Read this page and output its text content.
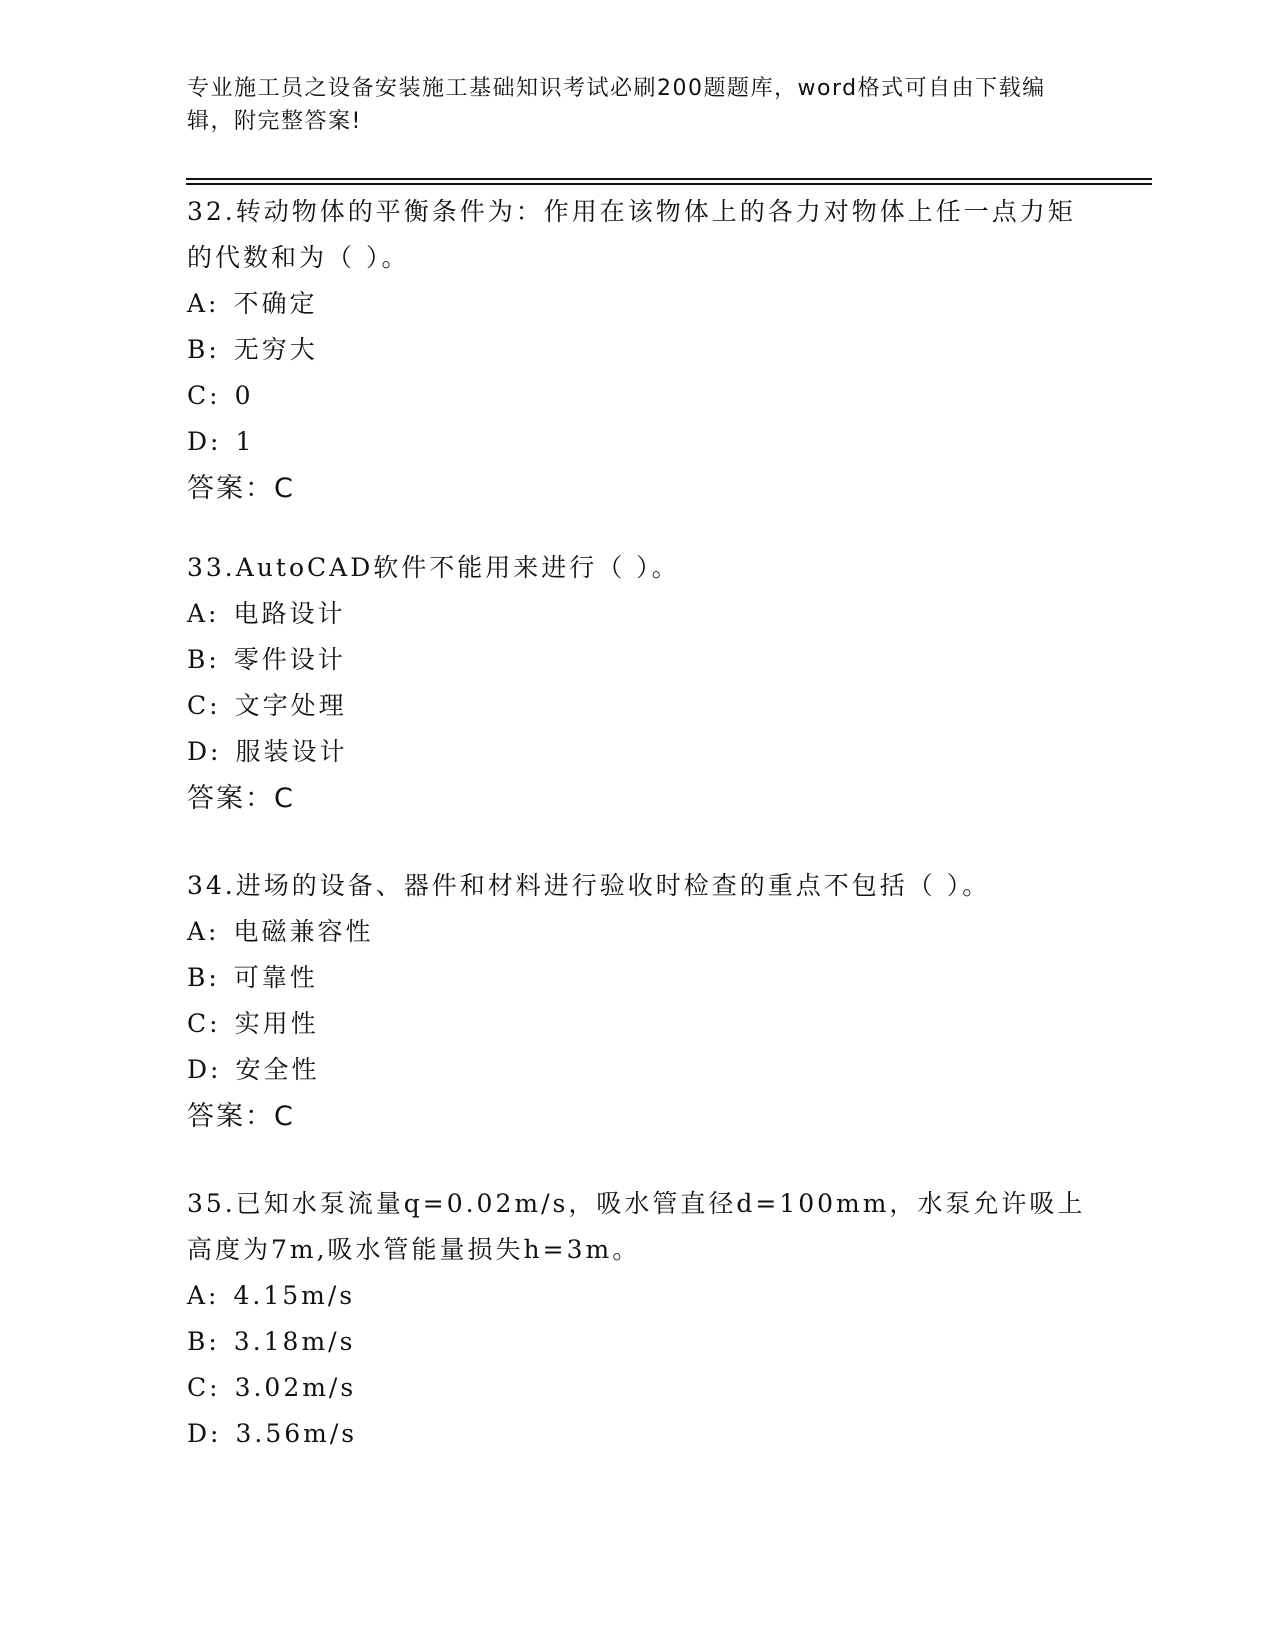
专业施工员之设备安装施工基础知识考试必刷200题题库，word格式可自由下载编辑，附完整答案!

32.转动物体的平衡条件为：作用在该物体上的各力对物体上任一点力矩的代数和为（ ）。

A: 不确定
B: 无穷大
C: 0
D: 1
答案：C

33.AutoCAD软件不能用来进行（ ）。

A: 电路设计
B: 零件设计
C: 文字处理
D: 服装设计
答案：C

34.进场的设备、器件和材料进行验收时检查的重点不包括（ ）。

A: 电磁兼容性
B: 可靠性
C: 实用性
D: 安全性
答案：C

35.已知水泵流量q=0.02m/s，吸水管直径d=100mm，水泵允许吸上高度为7m,吸水管能量损失h=3m。

A: 4.15m/s
B: 3.18m/s
C: 3.02m/s
D: 3.56m/s
